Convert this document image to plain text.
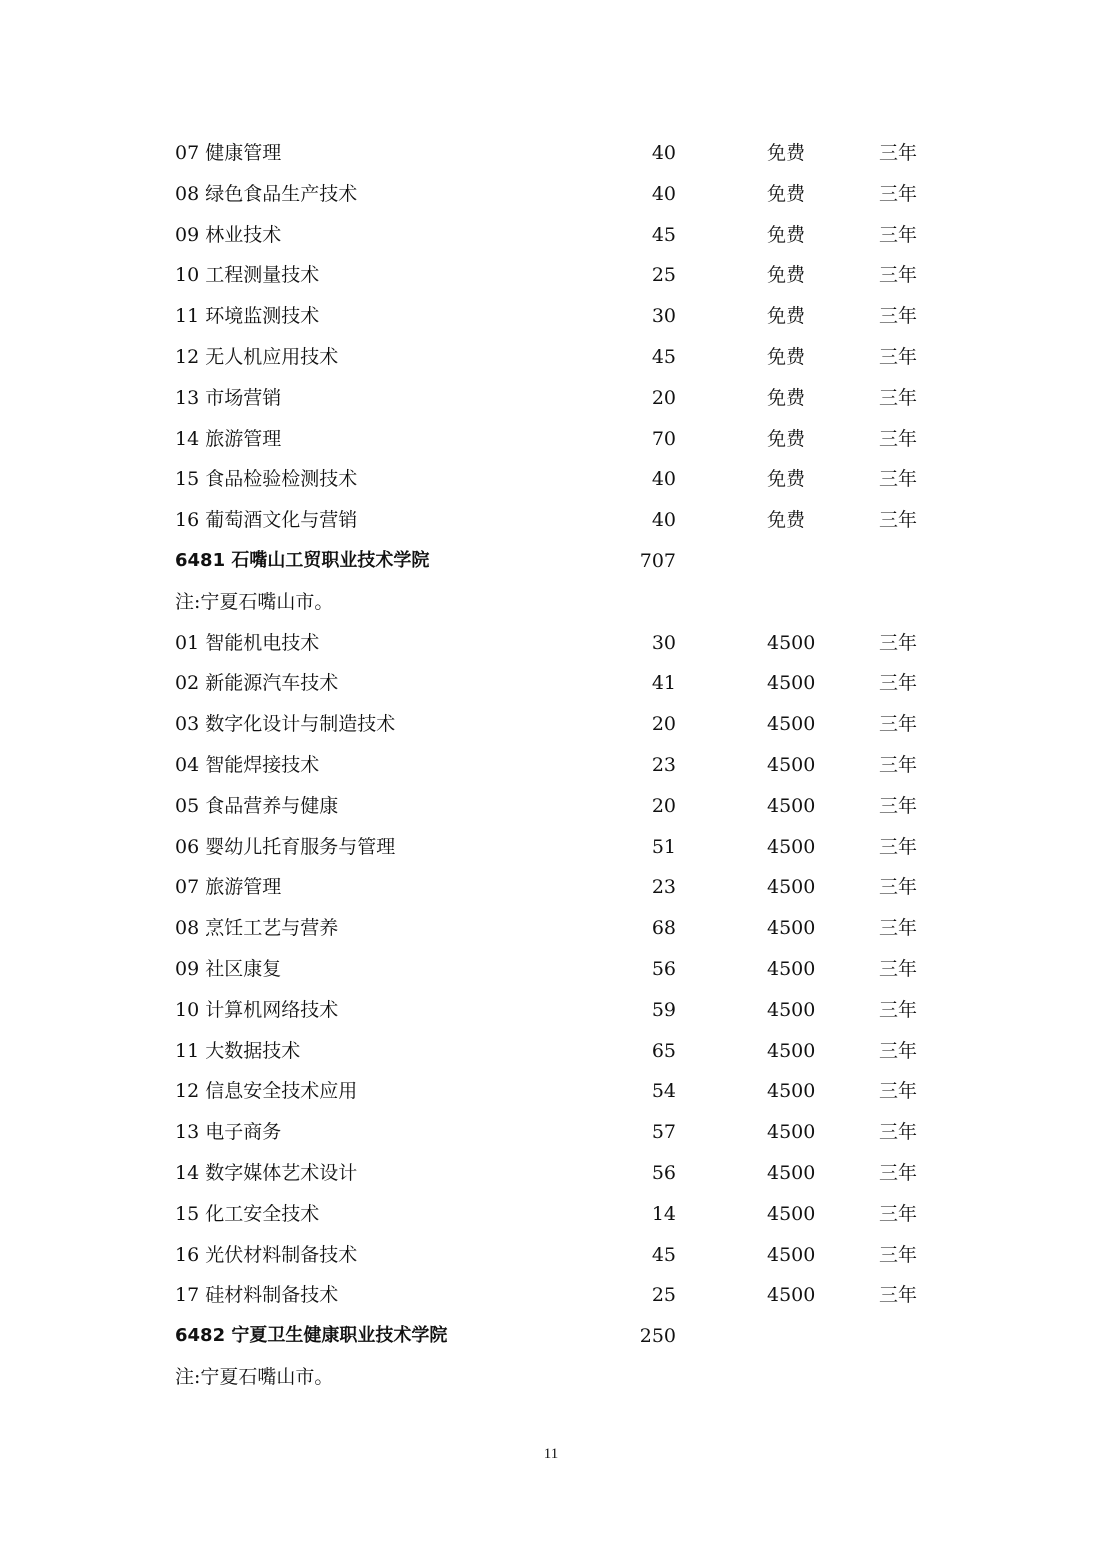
07 健康管理	40	免费	三年
08 绿色食品生产技术	40	免费	三年
09 林业技术	45	免费	三年
10 工程测量技术	25	免费	三年
11 环境监测技术	30	免费	三年
12 无人机应用技术	45	免费	三年
13 市场营销	20	免费	三年
14 旅游管理	70	免费	三年
15 食品检验检测技术	40	免费	三年
16 葡萄酒文化与营销	40	免费	三年
6481 石嘴山工贸职业技术学院	707
注:宁夏石嘴山市。
01 智能机电技术	30	4500	三年
02 新能源汽车技术	41	4500	三年
03 数字化设计与制造技术	20	4500	三年
04 智能焊接技术	23	4500	三年
05 食品营养与健康	20	4500	三年
06 婴幼儿托育服务与管理	51	4500	三年
07 旅游管理	23	4500	三年
08 烹饪工艺与营养	68	4500	三年
09 社区康复	56	4500	三年
10 计算机网络技术	59	4500	三年
11 大数据技术	65	4500	三年
12 信息安全技术应用	54	4500	三年
13 电子商务	57	4500	三年
14 数字媒体艺术设计	56	4500	三年
15 化工安全技术	14	4500	三年
16 光伏材料制备技术	45	4500	三年
17 硅材料制备技术	25	4500	三年
6482 宁夏卫生健康职业技术学院	250
注:宁夏石嘴山市。
11
